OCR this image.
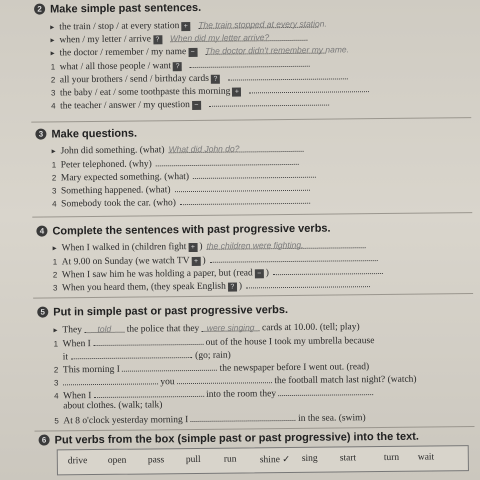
2 Make simple past sentences.
▸ the train / stop / at every station + The train stopped at every station.
▸ when / my letter / arrive ? When did my letter arrive?
▸ the doctor / remember / my name − The doctor didn't remember my name.
1 what / all those people / want ?
2 all your brothers / send / birthday cards ?
3 the baby / eat / some toothpaste this morning +
4 the teacher / answer / my question −
3 Make questions.
▸ John did something. (what) What did John do?
1 Peter telephoned. (why)
2 Mary expected something. (what)
3 Something happened. (what)
4 Somebody took the car. (who)
4 Complete the sentences with past progressive verbs.
▸ When I walked in (children fight + ) the children were fighting.
1 At 9.00 on Sunday (we watch TV + )
2 When I saw him he was holding a paper, but (read − )
3 When you heard them, (they speak English ? )
5 Put in simple past or past progressive verbs.
▸ They told the police that they were singing cards at 10.00. (tell; play)
1 When I	out of the house I took my umbrella because
it	. (go; rain)
2 This morning I	the newspaper before I went out. (read)
3	you	the football match last night? (watch)
4 When I	into the room they
about clothes. (walk; talk)
5 At 8 o'clock yesterday morning I	in the sea. (swim)
6 Put verbs from the box (simple past or past progressive) into the text.
drive open pass pull run shine ✓ sing start	turn wait
